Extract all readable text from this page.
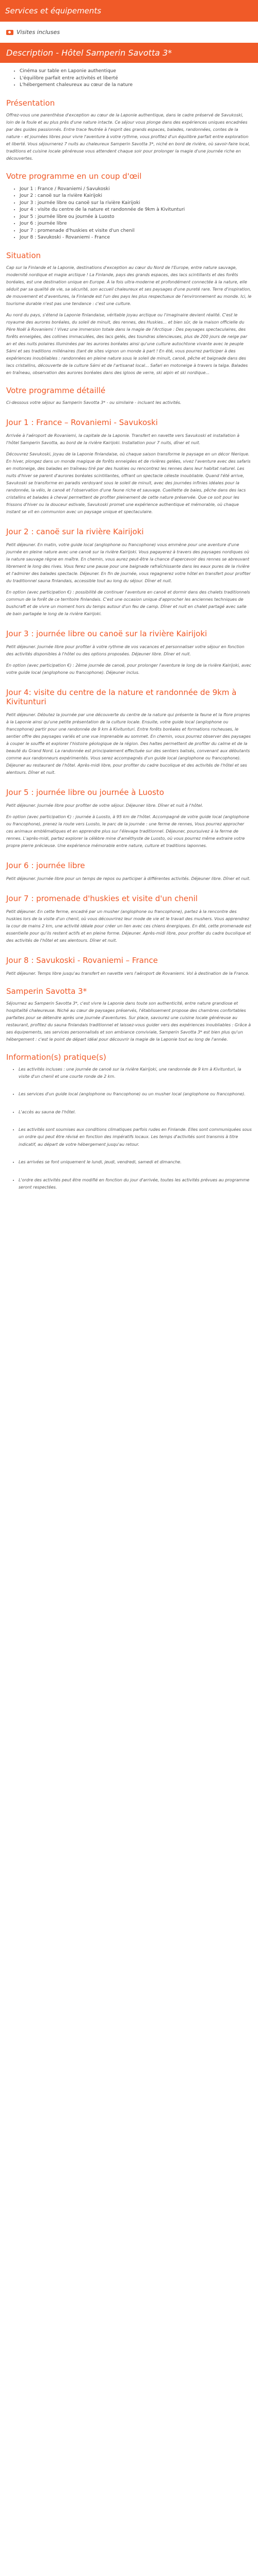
Services et équipements
Visites incluses
Description - Hôtel Samperin Savotta 3*
• Cinéma sur table en Laponie authentique
• L'équilibre parfait entre activités et liberté
• L'hébergement chaleureux au cœur de la nature
Présentation

Offrez-vous une parenthèse d'exception au cœur de la Laponie authentique, dans le cadre préservé de Savukoski, loin de la foule et au plus près d'une nature intacte. Ce séjour vous plonge dans des expériences uniques encadrées par des guides passionnés. Entre trace feutrée à l'esprit des grands espaces, balades, randonnées, contes de la nature – et journées libres pour vivre l'aventure à votre rythme, vous profitez d'un équilibre parfait entre exploration et liberté. Vous séjournerez 7 nuits au chaleureux Samperin Savotta 3*, niché en bord de rivière, où savoir-faire local, traditions et cuisine locale généreuse vous attendent chaque soir pour prolonger la magie d'une journée riche en découvertes.

Votre programme en un coup d'œil
• Jour 1 : France / Rovaniemi / Savukoski
• Jour 2 : canoë sur la rivière Kairijoki
• Jour 3 : journée libre ou canoë sur la rivière Kairijoki
• Jour 4 : visite du centre de la nature et randonnée de 9km à Kivitunturi
• Jour 5 : journée libre ou journée à Luosto
• Jour 6 : journée libre
• Jour 7 : promenade d'huskies et visite d'un chenil
• Jour 8 : Savukoski - Rovaniemi - France
Situation

Cap sur la Finlande et la Laponie, destinations d'exception au cœur du Nord de l'Europe, entre nature sauvage, modernité nordique et magie arctique ! La Finlande, pays des grands espaces, des lacs scintillants et des forêts boréales, est une destination unique en Europe. À la fois ultra-moderne et profondément connectée à la nature, elle séduit par sa qualité de vie, sa sécurité, son accueil chaleureux et ses paysages d'une pureté rare. Terre d'inspiration, de mouvement et d'aventures, la Finlande est l'un des pays les plus respectueux de l'environnement au monde. Ici, le tourisme durable n'est pas une tendance : c'est une culture.

Au nord du pays, s'étend la Laponie finlandaise, véritable joyau arctique ou l'imaginaire devient réalité. C'est le royaume des aurores boréales, du soleil de minuit, des rennes, des Huskies... et bien sûr, de la maison officielle du Père Noël à Rovaniemi ! Vivez une immersion totale dans la magie de l'Arctique : Des paysages spectaculaires, des forêts enneigées, des collines immaculées, des lacs gelés, des toundras silencieuses, plus de 200 jours de neige par an et des nuits polaires illuminées par les aurores boréales ainsi qu'une culture autochtone vivante avec le peuple Sámi et ses traditions millénaires (tant de sites vignon un monde à part ! En été, vous pourrez participer à des expériences inoubliables : randonnées en pleine nature sous le soleil de minuit, canoë, pêche et baignade dans des lacs cristallins, découverte de la culture Sámi et de l'artisanat local... Safari en motoneige à travers la taïga. Balades en traîneau, observation des aurores boréales dans des igloos de verre, ski alpin et ski nordique...

Votre programme détaillé

Ci-dessous votre séjour au Samperin Savotta 3* - ou similaire - incluant les activités.

Jour 1 : France – Rovaniemi - Savukoski

Arrivée à l'aéroport de Rovaniemi, la capitale de la Laponie. Transfert en navette vers Savukoski et installation à l'hôtel Samperin Savotta, au bord de la rivière Kairijoki. Installation pour 7 nuits, dîner et nuit.

Découvrez Savukoski, joyau de la Laponie finlandaise, où chaque saison transforme le paysage en un décor féerique. En hiver, plongez dans un monde magique de forêts enneigées et de rivières gelées, vivez l'aventure avec des safaris en motoneige, des balades en traîneau tiré par des huskies ou rencontrez les rennes dans leur habitat naturel. Les nuits d'hiver se parent d'aurores boréales scintillantes, offrant un spectacle céleste inoubliable. Quand l'été arrive, Savukoski se transforme en paradis verdoyant sous le soleil de minuit, avec des journées infinies idéales pour la randonnée, la vélo, le canoë et l'observation d'une faune riche et sauvage. Cueillette de baies, pêche dans des lacs cristallins et balades à cheval permettent de profiter pleinement de cette nature préservée. Que ce soit pour les frissons d'hiver ou la douceur estivale, Savukoski promet une expérience authentique et mémorable, où chaque instant se vit en communion avec un paysage unique et spectaculaire.

Jour 2 : canoë sur la rivière Kairijoki

Petit déjeuner. En matin, votre guide local (anglophone ou francophone) vous emmène pour une aventure d'une journée en pleine nature avec une canoë sur la rivière Kairijoki. Vous pagayerez à travers des paysages nordiques où la nature sauvage règne en maître. En chemin, vous aurez peut-être la chance d'apercevoir des rennes se abreuvant librement le long des rives. Vous ferez une pause pour une baignade rafraîchissante dans les eaux pures de la rivière et l'admirer des balades spectacle. Déjeuner. En fin de journée, vous regagnerez votre hôtel en transfert pour profiter du traditionnel sauna finlandais, accessible tout au long du séjour. Dîner et nuit.

En option (avec participation €) : possibilité de continuer l'aventure en canoë et dormir dans des chalets traditionnels commun de la forêt de ce territoire finlandais. C'est une occasion unique d'approcher les anciennes techniques de bushcraft et de vivre un moment hors du temps autour d'un feu de camp. Dîner et nuit en chalet partagé avec salle de bain partagée le long de la rivière Kairijoki.

Jour 3 : journée libre ou canoë sur la rivière Kairijoki

Petit déjeuner. Journée libre pour profiter à votre rythme de vos vacances et personnaliser votre séjour en fonction des activités disponibles à l'hôtel ou des options proposées. Déjeuner libre. Dîner et nuit.

En option (avec participation €) : 2ème journée de canoë, pour prolonger l'aventure le long de la rivière Kairijoki, avec votre guide local (anglophone ou francophone). Déjeuner inclus.

Jour 4: visite du centre de la nature et randonnée de 9km à Kivitunturi

Petit déjeuner. Débutez la journée par une découverte du centre de la nature qui présente la faune et la flore propres à la Laponie ainsi qu'une petite présentation de la culture locale. Ensuite, votre guide local (anglophone ou francophone) partir pour une randonnée de 9 km à Kivitunturi. Entre forêts boréales et formations rocheuses, le sentier offre des paysages variés et une vue imprenable au sommet. En chemin, vous pourrez observer des paysages à couper le souffle et explorer l'histoire géologique de la région. Des haltes permettent de profiter du calme et de la beauté du Grand Nord. La randonnée est principalement effectuée sur des sentiers balisés, convenant aux débutants comme aux randonneurs expérimentés. Vous serez accompagnés d'un guide local (anglophone ou francophone). Déjeuner au restaurant de l'hôtel. Après-midi libre, pour profiter du cadre bucolique et des activités de l'hôtel et ses alentours. Dîner et nuit.

Jour 5 : journée libre ou journée à Luosto

Petit déjeuner. Journée libre pour profiter de votre séjour. Déjeuner libre. Dîner et nuit à l'hôtel.

En option (avec participation €) : journée à Luosto, à 95 km de l'hôtel. Accompagné de votre guide local (anglophone ou francophone), prenez la route vers Luosto, le parc de la journée : une ferme de rennes, Vous pourrez approcher ces animaux emblématiques et en apprendre plus sur l'élevage traditionnel. Déjeuner, poursuivez à la ferme de rennes. L'après-midi, partez explorer la célèbre mine d'améthyste de Luosto, où vous pourrez même extraire votre propre pierre précieuse. Une expérience mémorable entre nature, culture et traditions laponnes.

Jour 6 : journée libre

Petit déjeuner. Journée libre pour un temps de repos ou participer à différentes activités. Déjeuner libre. Dîner et nuit.

Jour 7 : promenade d'huskies et visite d'un chenil

Petit déjeuner. En cette ferme, encadré par un musher (anglophone ou francophone), partez à la rencontre des huskies lors de la visite d'un chenil, où vous découvrirez leur mode de vie et le travail des mushers. Vous apprendrez la cour de mains 2 km, une activité idéale pour créer un lien avec ces chiens énergiques. En été, cette promenade est essentielle pour qu'ils restent actifs et en pleine forme. Déjeuner. Après-midi libre, pour profiter du cadre bucolique et des activités de l'hôtel et ses alentours. Dîner et nuit.

Jour 8 : Savukoski - Rovaniemi – France

Petit déjeuner. Temps libre jusqu'au transfert en navette vers l'aéroport de Rovaniemi. Vol à destination de la France.

Samperin Savotta 3*

Séjournez au Samperin Savotta 3*, c'est vivre la Laponie dans toute son authenticité, entre nature grandiose et hospitalité chaleureuse. Niché au cœur de paysages préservés, l'établissement propose des chambres confortables parfaites pour se détendre après une journée d'aventures. Sur place, savourez une cuisine locale généreuse au restaurant, profitez du sauna finlandais traditionnel et laissez-vous guider vers des expériences inoubliables : Grâce à ses équipements, ses services personnalisés et son ambiance conviviale, Samperin Savotta 3* est bien plus qu'un hébergement : c'est le point de départ idéal pour découvrir la magie de la Laponie tout au long de l'année.

Information(s) pratique(s)
• Les activités incluses : une journée de canoë sur la rivière Kairijoki, une randonnée de 9 km à Kivitunturi, la visite d'un chenil et une courte ronde de 2 km.
• Les services d'un guide local (anglophone ou francophone) ou un musher local (anglophone ou francophone).
• L'accès au sauna de l'hôtel.
• Les activités sont soumises aux conditions climatiques parfois rudes en Finlande. Elles sont communiquées sous un ordre qui peut être révisé en fonction des impératifs locaux. Les temps d'activités sont transmis à titre indicatif, au départ de votre hébergement jusqu'au retour.
• Les arrivées se font uniquement le lundi, jeudi, vendredi, samedi et dimanche.
• L'ordre des activités peut être modifié en fonction du jour d'arrivée, toutes les activités prévues au programme seront respectées.
